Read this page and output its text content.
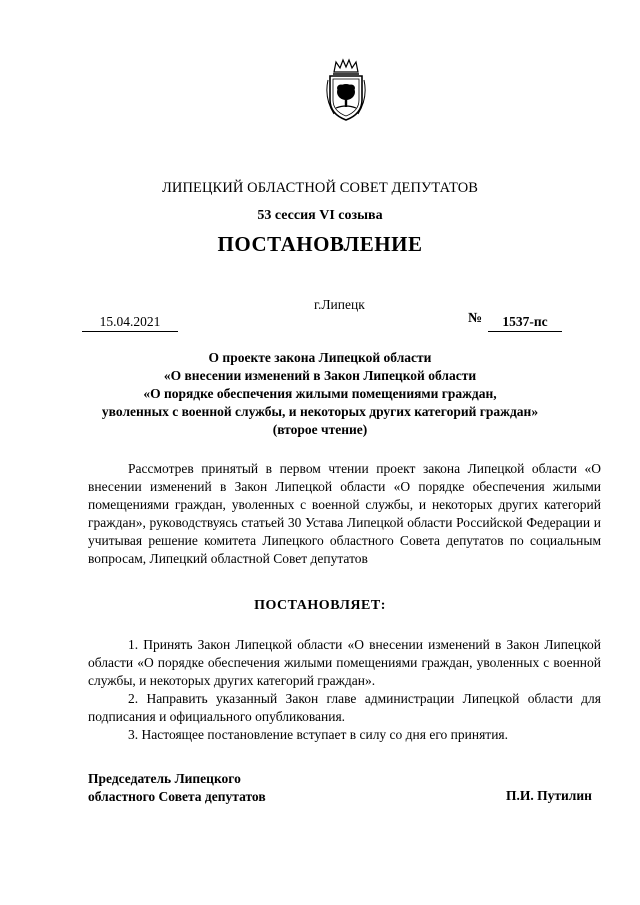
ЛИПЕЦКИЙ ОБЛАСТНОЙ СОВЕТ ДЕПУТАТОВ
53 сессия VI созыва
ПОСТАНОВЛЕНИЕ
г.Липецк
15.04.2021	№	1537-пс
О проекте закона Липецкой области
«О внесении изменений в Закон Липецкой области
«О порядке обеспечения жилыми помещениями граждан,
уволенных с военной службы, и некоторых других категорий граждан»
(второе чтение)
Рассмотрев принятый в первом чтении проект закона Липецкой области «О внесении изменений в Закон Липецкой области «О порядке обеспечения жилыми помещениями граждан, уволенных с военной службы, и некоторых других категорий граждан», руководствуясь статьей 30 Устава Липецкой области Российской Федерации и учитывая решение комитета Липецкого областного Совета депутатов по социальным вопросам, Липецкий областной Совет депутатов
ПОСТАНОВЛЯЕТ:
1. Принять Закон Липецкой области «О внесении изменений в Закон Липецкой области «О порядке обеспечения жилыми помещениями граждан, уволенных с военной службы, и некоторых других категорий граждан».
2. Направить указанный Закон главе администрации Липецкой области для подписания и официального опубликования.
3. Настоящее постановление вступает в силу со дня его принятия.
Председатель Липецкого
областного Совета депутатов	П.И. Путилин
